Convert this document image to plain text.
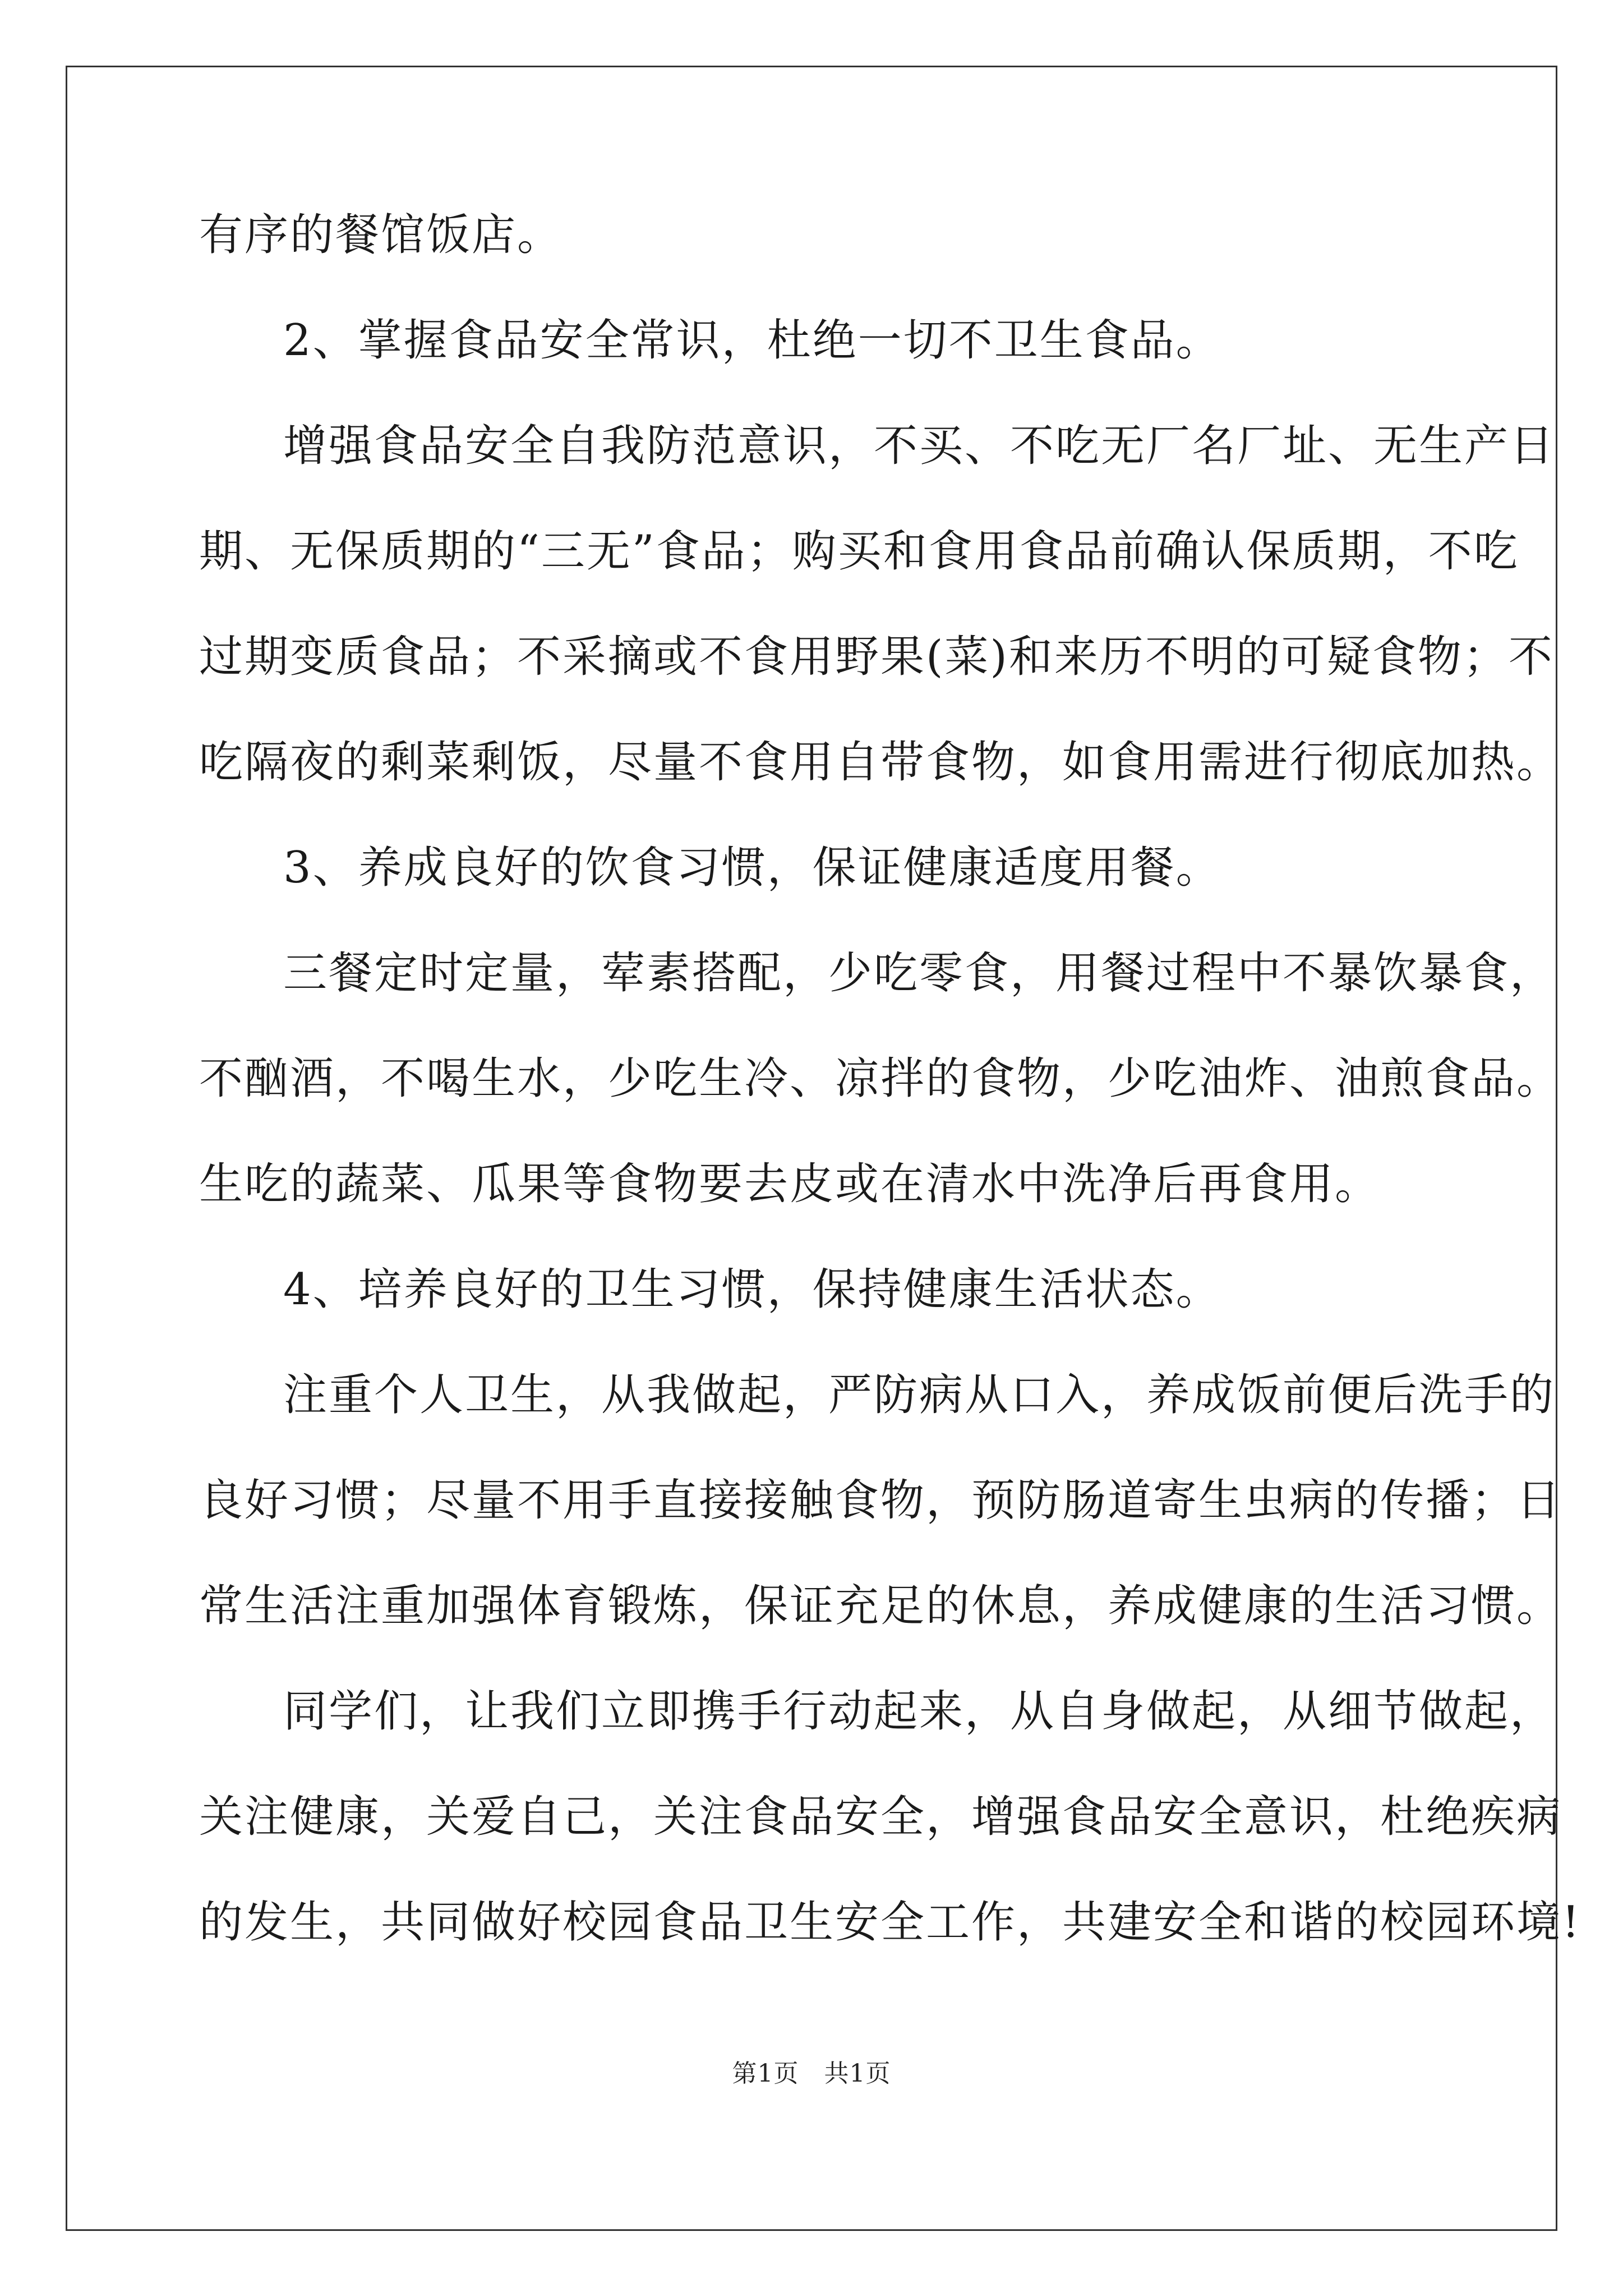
有序的餐馆饭店。
2、掌握食品安全常识，杜绝一切不卫生食品。
增强食品安全自我防范意识，不买、不吃无厂名厂址、无生产日
期、无保质期的“三无”食品；购买和食用食品前确认保质期，不吃
过期变质食品；不采摘或不食用野果(菜)和来历不明的可疑食物；不
吃隔夜的剩菜剩饭，尽量不食用自带食物，如食用需进行彻底加热。
3、养成良好的饮食习惯，保证健康适度用餐。
三餐定时定量，荤素搭配，少吃零食，用餐过程中不暴饮暴食，
不酗酒，不喝生水，少吃生冷、凉拌的食物，少吃油炸、油煎食品。
生吃的蔬菜、瓜果等食物要去皮或在清水中洗净后再食用。
4、培养良好的卫生习惯，保持健康生活状态。
注重个人卫生，从我做起，严防病从口入，养成饭前便后洗手的
良好习惯；尽量不用手直接接触食物，预防肠道寄生虫病的传播；日
常生活注重加强体育锻炼，保证充足的休息，养成健康的生活习惯。
同学们，让我们立即携手行动起来，从自身做起，从细节做起，
关注健康，关爱自己，关注食品安全，增强食品安全意识，杜绝疾病
的发生，共同做好校园食品卫生安全工作，共建安全和谐的校园环境!
第1页　共1页
